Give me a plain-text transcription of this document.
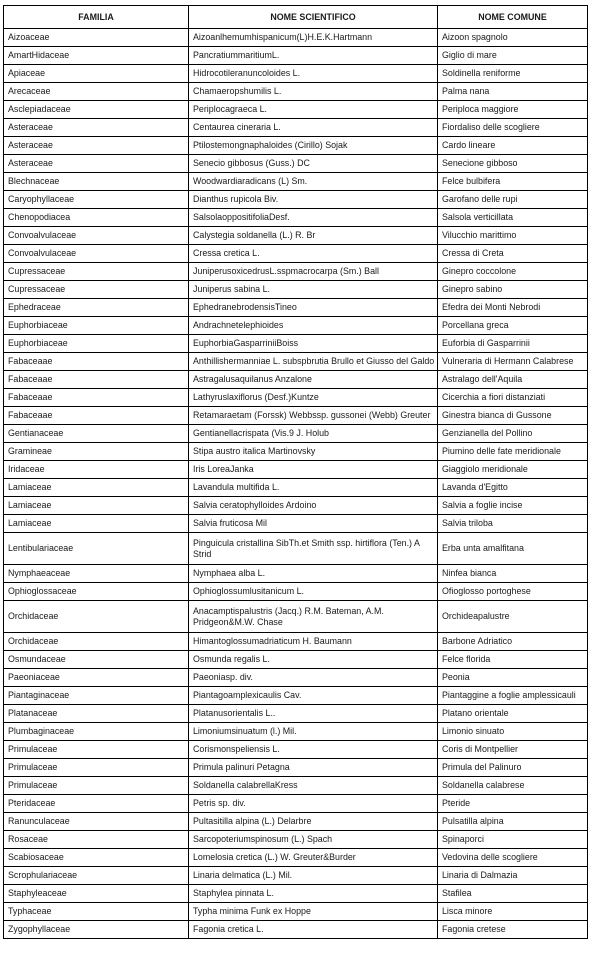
FAMILIA	NOME SCIENTIFICO	NOME COMUNE
Aizoaceae	Aizoanlhemumhispanicum(L)H.E.K.Hartmann	Aizoon spagnolo
AmartHidaceae	PancratiummaritiumL.	Giglio di mare
Apiaceae	Hidrocotileranuncoloides L.	Soldinella reniforme
Arecaceae	Chamaeropshumilis L.	Palma nana
Asclepiadaceae	Periplocagraeca L.	Periploca maggiore
Asteraceae	Centaurea cineraria L.	Fiordaliso delle scogliere
Asteraceae	Ptilostemongnaphaloides (Cirillo) Sojak	Cardo lineare
Asteraceae	Senecio gibbosus (Guss.) DC	Senecione gibboso
Blechnaceae	Woodwardiaradicans (L) Sm.	Felce bulbifera
Caryophyllaceae	Dianthus rupicola Biv.	Garofano delle rupi
Chenopodiacea	SalsolaoppositifoliaDesf.	Salsola verticillata
Convoalvulaceae	Calystegia soldanella (L.) R. Br	Vilucchio marittimo
Convoalvulaceae	Cressa cretica L.	Cressa di Creta
Cupressaceae	JuniperusoxicedrusL.sspmacrocarpa (Sm.) Ball	Ginepro coccolone
Cupressaceae	Juniperus sabina L.	Ginepro sabino
Ephedraceae	EphedranebrodensisTineo	Efedra dei Monti Nebrodi
Euphorbiaceae	Andrachnetelephioides	Porcellana greca
Euphorbiaceae	EuphorbiaGasparriniiBoiss	Euforbia di Gasparrinii
Fabaceaae	Anthillishermanniae L. subspbrutia Brullo et Giusso del Galdo	Vulneraria di Hermann Calabrese
Fabaceaae	Astragalusaquilanus Anzalone	Astralago dell'Aquila
Fabaceaae	Lathyruslaxiflorus (Desf.)Kuntze	Cicerchia a fiori distanziati
Fabaceaae	Retamaraetam (Forssk) Webbssp. gussonei (Webb) Greuter	Ginestra bianca di Gussone
Gentianaceae	Gentianellacrispata (Vis.9 J. Holub	Genzianella del Pollino
Gramineae	Stipa austro italica Martinovsky	Piumino delle fate meridionale
Iridaceae	Iris LoreaJanka	Giaggiolo meridionale
Lamiaceae	Lavandula multifida L.	Lavanda d'Egitto
Lamiaceae	Salvia ceratophylloides Ardoino	Salvia a foglie incise
Lamiaceae	Salvia fruticosa Mil	Salvia triloba
Lentibulariaceae	Pinguicula cristallina SibTh.et Smith ssp. hirtiflora (Ten.) A Strid	Erba unta amalfitana
Nymphaeaceae	Nymphaea alba L.	Ninfea bianca
Ophioglossaceae	Ophioglossumlusitanicum L.	Ofioglosso portoghese
Orchidaceae	Anacamptispalustris (Jacq.) R.M. Bateman, A.M. Pridgeon&M.W. Chase	Orchideapalustre
Orchidaceae	Himantoglossumadriaticum H. Baumann	Barbone Adriatico
Osmundaceae	Osmunda regalis L.	Felce florida
Paeoniaceae	Paeoniasp. div.	Peonia
Piantaginaceae	Piantagoamplexicaulis Cav.	Piantaggine a foglie amplessicauli
Platanaceae	Platanusorientalis L..	Platano orientale
Plumbaginaceae	Limoniumsinuatum (l.) Mil.	Limonio sinuato
Primulaceae	Corismonspeliensis L.	Coris di Montpellier
Primulaceae	Primula palinuri Petagna	Primula del Palinuro
Primulaceae	Soldanella calabrellaKress	Soldanella calabrese
Pteridaceae	Petris sp. div.	Pteride
Ranunculaceae	Pultasitilla alpina (L.) Delarbre	Pulsatilla alpina
Rosaceae	Sarcopoteriumspinosum (L.) Spach	Spinaporci
Scabiosaceae	Lomelosia cretica (L.) W. Greuter&Burder	Vedovina delle scogliere
Scrophulariaceae	Linaria delmatica (L.) Mil.	Linaria di Dalmazia
Staphyleaceae	Staphylea pinnata L.	Stafilea
Typhaceae	Typha minima Funk ex Hoppe	Lisca minore
Zygophyllaceae	Fagonia cretica L.	Fagonia cretese
